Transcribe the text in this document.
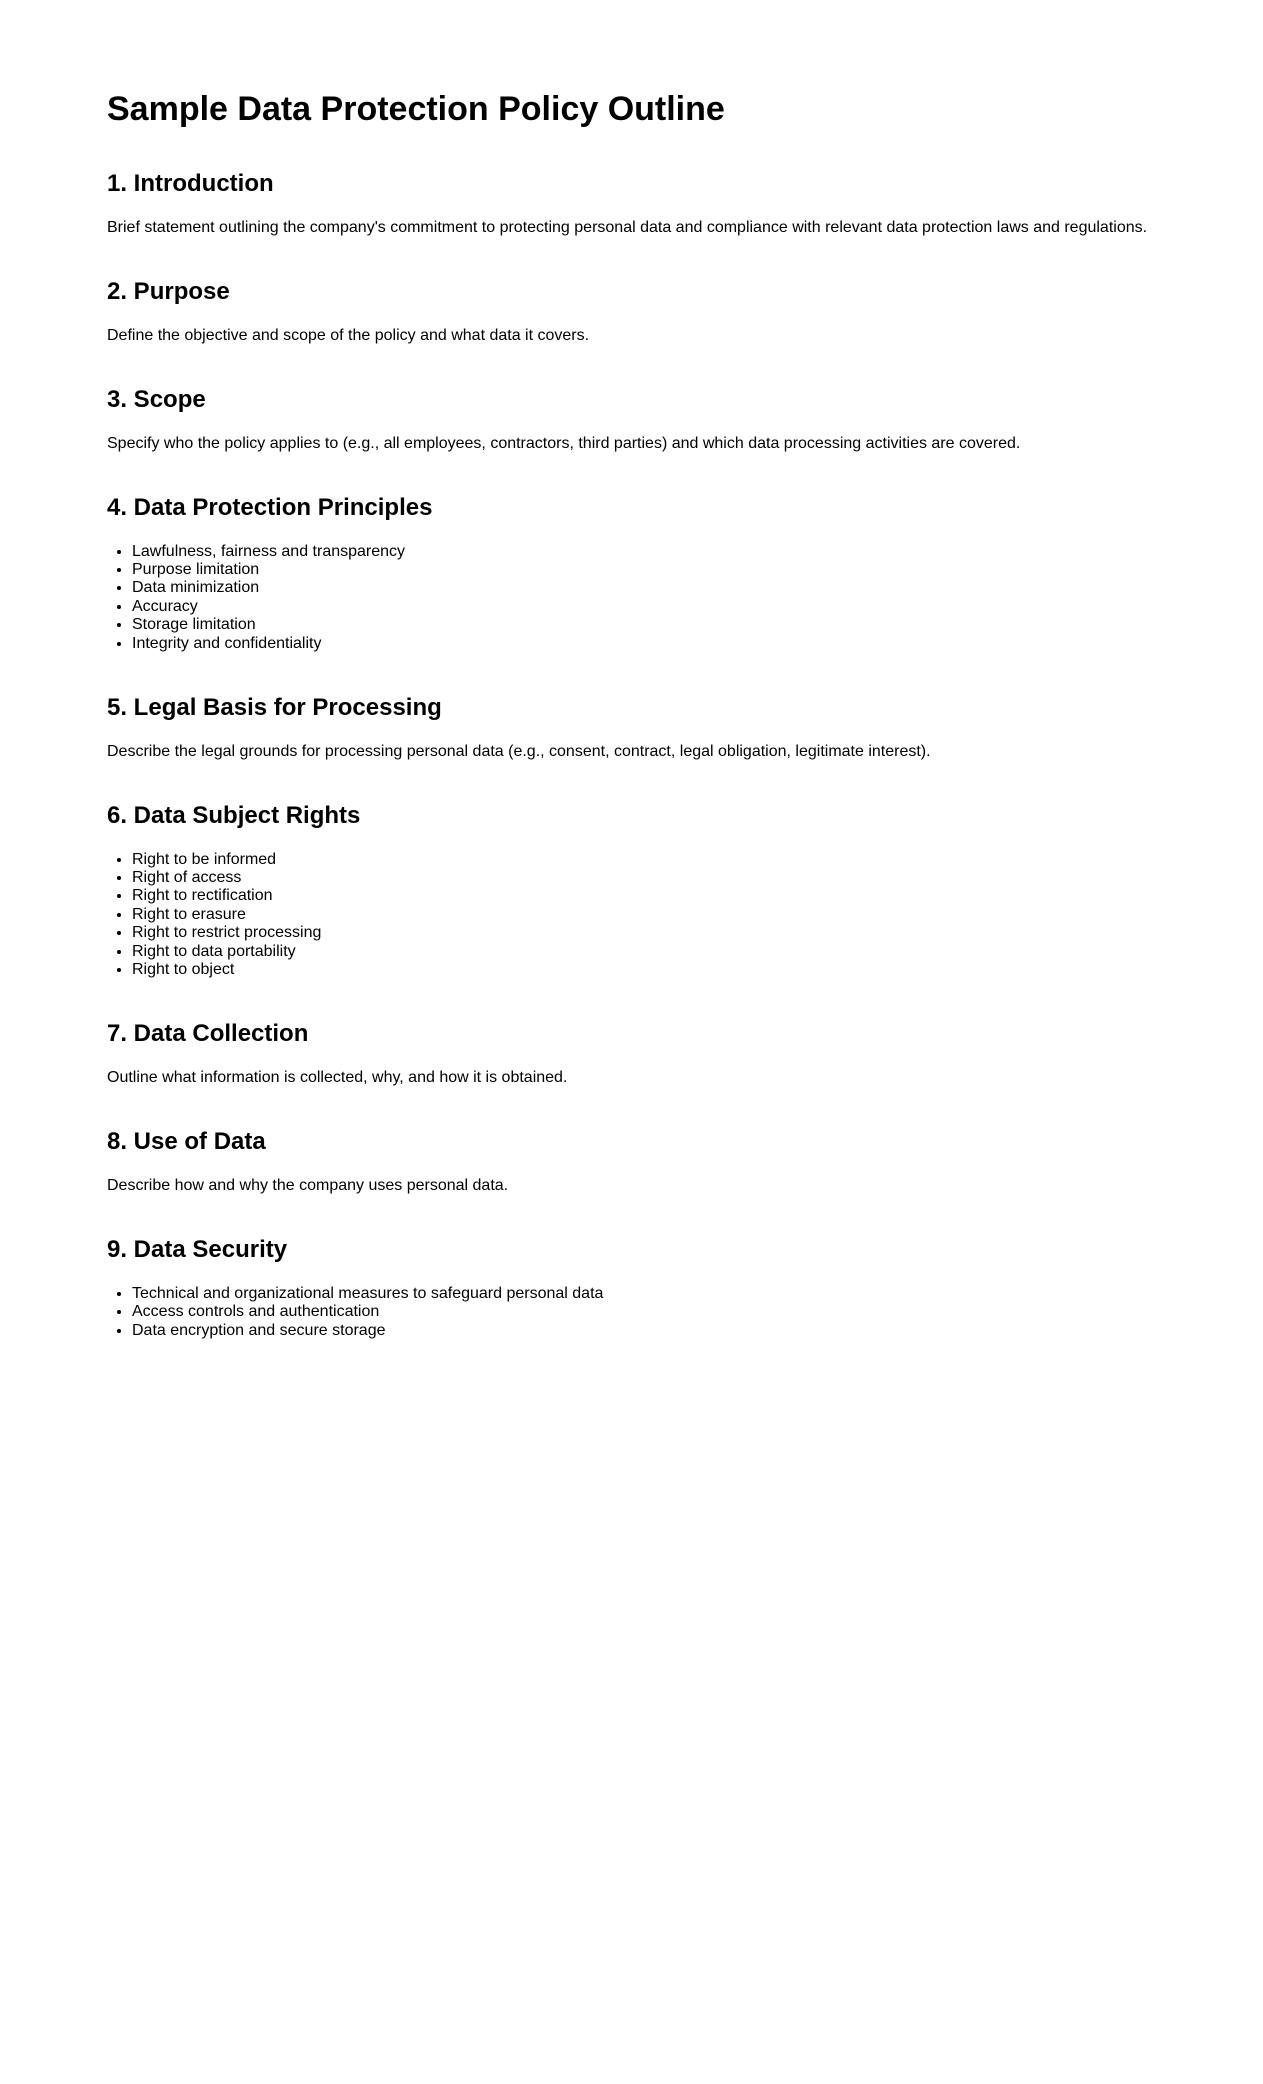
Sample Data Protection Policy Outline
1. Introduction

Brief statement outlining the company's commitment to protecting personal data and compliance with relevant data protection laws and regulations.

2. Purpose

Define the objective and scope of the policy and what data it covers.

3. Scope

Specify who the policy applies to (e.g., all employees, contractors, third parties) and which data processing activities are covered.

4. Data Protection Principles
• Lawfulness, fairness and transparency
• Purpose limitation
• Data minimization
• Accuracy
• Storage limitation
• Integrity and confidentiality
5. Legal Basis for Processing

Describe the legal grounds for processing personal data (e.g., consent, contract, legal obligation, legitimate interest).

6. Data Subject Rights
• Right to be informed
• Right of access
• Right to rectification
• Right to erasure
• Right to restrict processing
• Right to data portability
• Right to object
7. Data Collection

Outline what information is collected, why, and how it is obtained.

8. Use of Data

Describe how and why the company uses personal data.

9. Data Security
• Technical and organizational measures to safeguard personal data
• Access controls and authentication
• Data encryption and secure storage
